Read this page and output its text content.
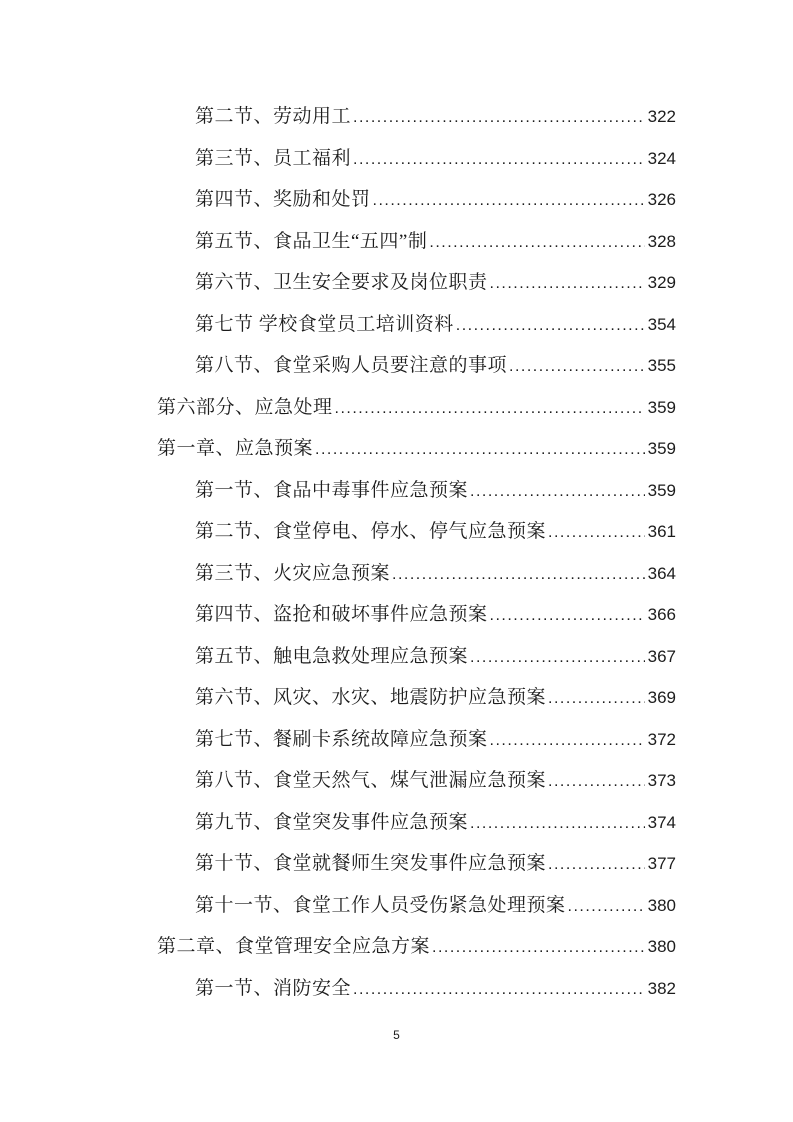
第二节、劳动用工 .....	322
第三节、员工福利 .....	324
第四节、奖励和处罚 .....	326
第五节、食品卫生“五四”制 .....	328
第六节、卫生安全要求及岗位职责 .....	329
第七节 学校食堂员工培训资料 .....	354
第八节、食堂采购人员要注意的事项 .....	355
第六部分、应急处理 .....	359
第一章、应急预案 .....	359
第一节、食品中毒事件应急预案 .....	359
第二节、食堂停电、停水、停气应急预案 .....	361
第三节、火灾应急预案 .....	364
第四节、盗抢和破坏事件应急预案 .....	366
第五节、触电急救处理应急预案 .....	367
第六节、风灾、水灾、地震防护应急预案 .....	369
第七节、餐刷卡系统故障应急预案 .....	372
第八节、食堂天然气、煤气泄漏应急预案 .....	373
第九节、食堂突发事件应急预案 .....	374
第十节、食堂就餐师生突发事件应急预案 .....	377
第十一节、食堂工作人员受伤紧急处理预案 .....	380
第二章、食堂管理安全应急方案 .....	380
第一节、消防安全 .....	382
5
